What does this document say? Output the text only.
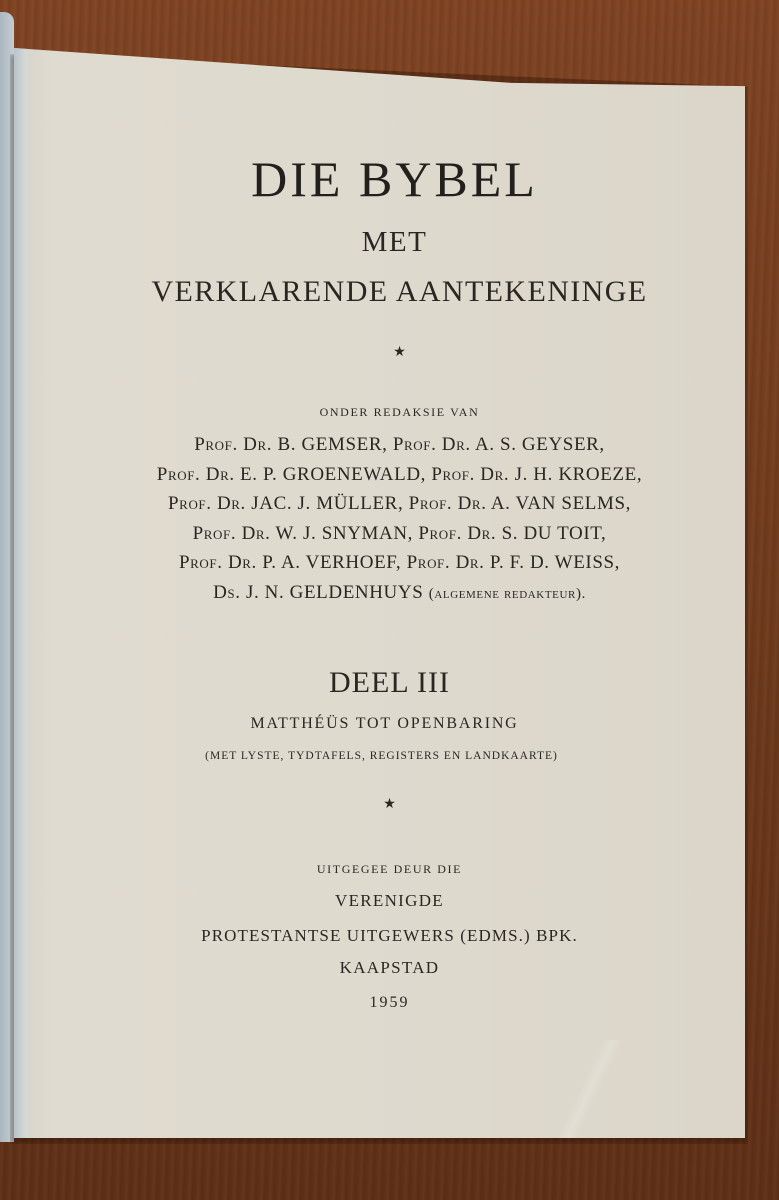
DIE BYBEL
MET
VERKLARENDE AANTEKENINGE
★
ONDER REDAKSIE VAN
Prof. Dr. B. GEMSER, Prof. Dr. A. S. GEYSER,
Prof. Dr. E. P. GROENEWALD, Prof. Dr. J. H. KROEZE,
Prof. Dr. JAC. J. MÜLLER, Prof. Dr. A. VAN SELMS,
Prof. Dr. W. J. SNYMAN, Prof. Dr. S. DU TOIT,
Prof. Dr. P. A. VERHOEF, Prof. Dr. P. F. D. WEISS,
Ds. J. N. GELDENHUYS (algemene redakteur).
DEEL III
MATTHÉÜS TOT OPENBARING
(MET LYSTE, TYDTAFELS, REGISTERS EN LANDKAARTE)
★
UITGEGEE DEUR DIE
VERENIGDE
PROTESTANTSE UITGEWERS (EDMS.) BPK.
KAAPSTAD
1959
